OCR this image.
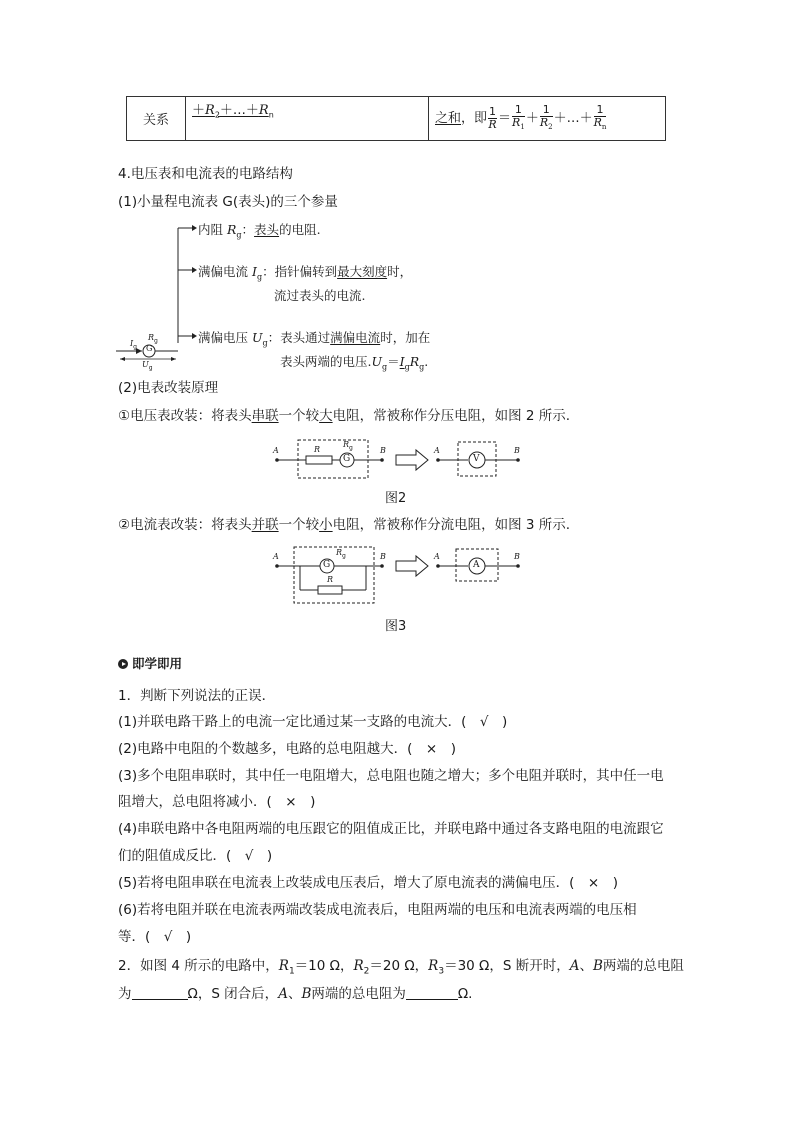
关系	$+R_2+\dots+R_n$	之和，即 $\frac{1}{R} = \frac{1}{R_1} + \frac{1}{R_2}$ ＋…＋ $\frac{1}{R_n}$
4.电压表和电流表的电路结构
(1)小量程电流表 G(表头)的三个参量
G
$I_g$
$R_g$
$U_g$
内阻 $R_g$：表头的电阻.
满偏电流 $I_g$：指针偏转到最大刻度时，
流过表头的电流.
满偏电压 $U_g$：表头通过满偏电流时，加在
表头两端的电压$.U_g=I_gR_g$.
(2)电表改装原理
①电压表改装：将表头串联一个较大电阻，常被称作分压电阻，如图 2 所示.
A	B
R
$R_g$
G
A	B
V
图2
②电流表改装：将表头并联一个较小电阻，常被称作分流电阻，如图 3 所示.
A	B
$R_g$
G
R
A	B
A
图3
即学即用
1．判断下列说法的正误．
(1)并联电路干路上的电流一定比通过某一支路的电流大．(　√　)
(2)电路中电阻的个数越多，电路的总电阻越大．(　×　)
(3)多个电阻串联时，其中任一电阻增大，总电阻也随之增大；多个电阻并联时，其中任一电
阻增大，总电阻将减小．(　×　)
(4)串联电路中各电阻两端的电压跟它的阻值成正比，并联电路中通过各支路电阻的电流跟它
们的阻值成反比．(　√　)
(5)若将电阻串联在电流表上改装成电压表后，增大了原电流表的满偏电压．(　×　)
(6)若将电阻并联在电流表两端改装成电流表后，电阻两端的电压和电流表两端的电压相
等．(　√　)
2．如图 4 所示的电路中，$R_1=10$ Ω，$R_2=20$ Ω，$R_3=30$ Ω，S 断开时，A、B两端的总电阻
为	Ω，S 闭合后，A、B两端的总电阻为	Ω.
